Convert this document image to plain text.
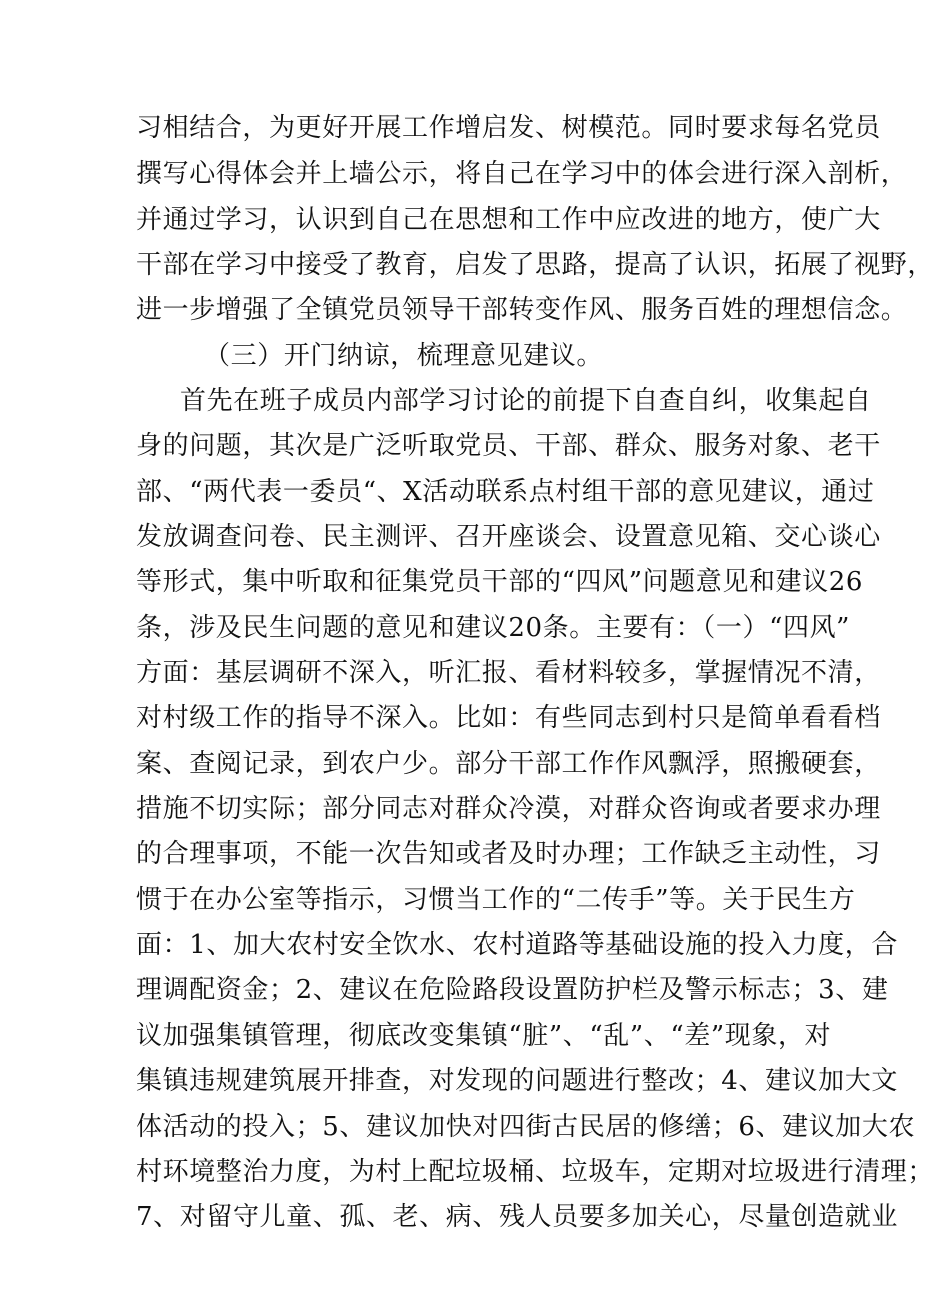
习相结合，为更好开展工作增启发、树模范。同时要求每名党员
撰写心得体会并上墙公示，将自己在学习中的体会进行深入剖析，
并通过学习，认识到自己在思想和工作中应改进的地方，使广大
干部在学习中接受了教育，启发了思路，提高了认识，拓展了视野，
进一步增强了全镇党员领导干部转变作风、服务百姓的理想信念。
（三）开门纳谅，梳理意见建议。
首先在班子成员内部学习讨论的前提下自查自纠，收集起自
身的问题，其次是广泛听取党员、干部、群众、服务对象、老干
部、“两代表一委员“、X活动联系点村组干部的意见建议，通过
发放调查问卷、民主测评、召开座谈会、设置意见箱、交心谈心
等形式，集中听取和征集党员干部的“四风”问题意见和建议26
条，涉及民生问题的意见和建议20条。主要有：（一）“四风”
方面：基层调研不深入，听汇报、看材料较多，掌握情况不清，
对村级工作的指导不深入。比如：有些同志到村只是简单看看档
案、查阅记录，到农户少。部分干部工作作风飘浮，照搬硬套，
措施不切实际；部分同志对群众冷漠，对群众咨询或者要求办理
的合理事项，不能一次告知或者及时办理；工作缺乏主动性，习
惯于在办公室等指示，习惯当工作的“二传手”等。关于民生方
面：1、加大农村安全饮水、农村道路等基础设施的投入力度，合
理调配资金；2、建议在危险路段设置防护栏及警示标志；3、建
议加强集镇管理，彻底改变集镇“脏”、“乱”、“差”现象，对
集镇违规建筑展开排查，对发现的问题进行整改；4、建议加大文
体活动的投入；5、建议加快对四街古民居的修缮；6、建议加大农
村环境整治力度，为村上配垃圾桶、垃圾车，定期对垃圾进行清理；
7、对留守儿童、孤、老、病、残人员要多加关心，尽量创造就业
